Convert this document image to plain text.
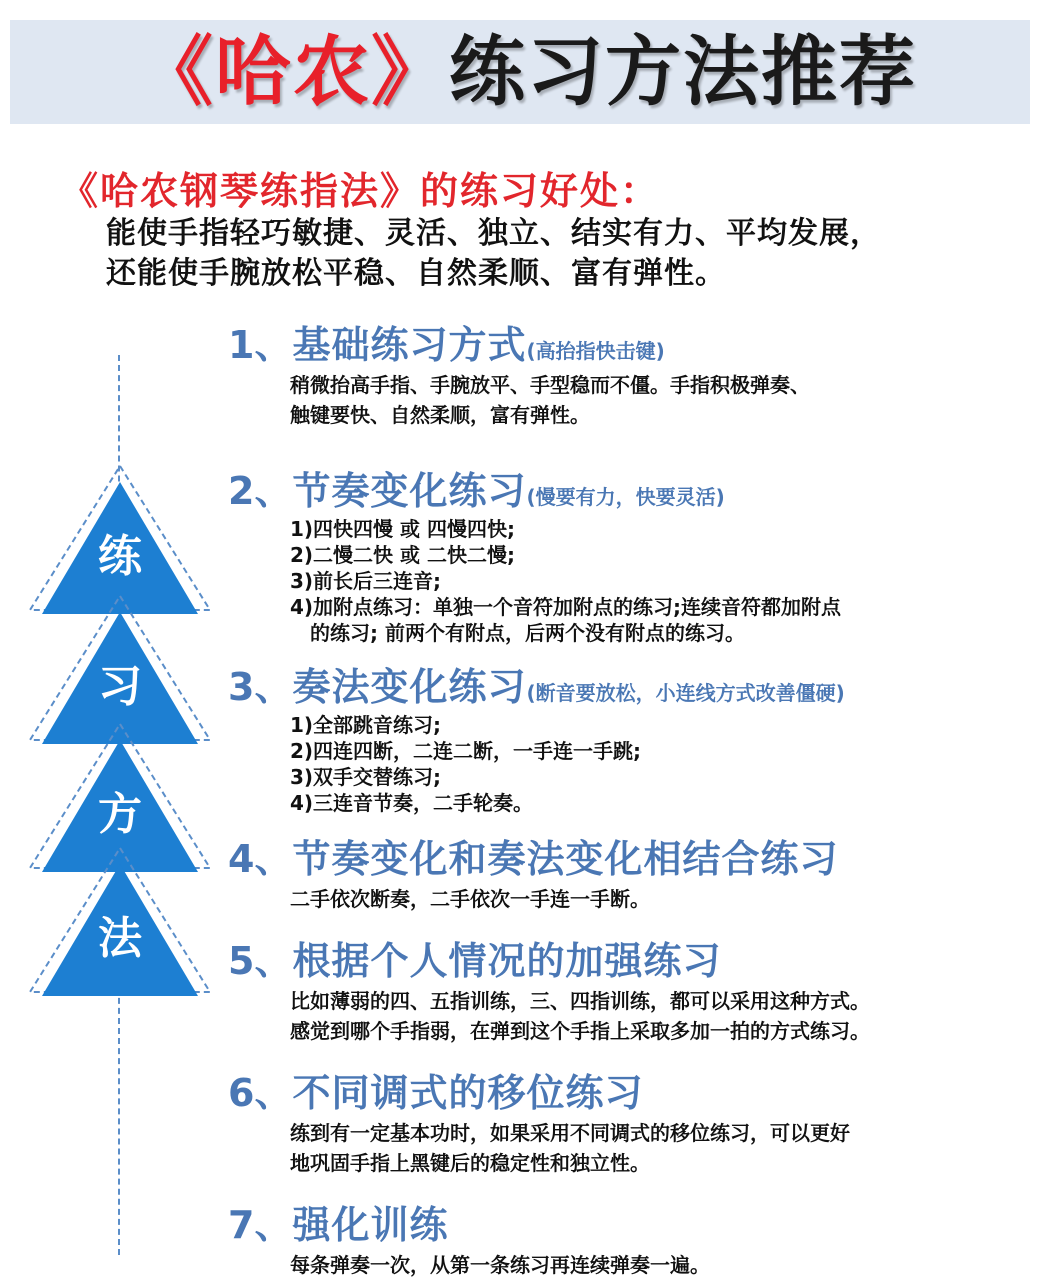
《哈农》练习方法推荐
《哈农钢琴练指法》的练习好处：
能使手指轻巧敏捷、灵活、独立、结实有力、平均发展，
还能使手腕放松平稳、自然柔顺、富有弹性。
练
习
方
法
1、基础练习方式(高抬指快击键)
稍微抬高手指、手腕放平、手型稳而不僵。手指积极弹奏、
触键要快、自然柔顺，富有弹性。
2、节奏变化练习(慢要有力，快要灵活)
1)四快四慢 或 四慢四快;
2)二慢二快 或 二快二慢;
3)前长后三连音;
4)加附点练习：单独一个音符加附点的练习;连续音符都加附点
的练习; 前两个有附点，后两个没有附点的练习。
3、奏法变化练习(断音要放松，小连线方式改善僵硬)
1)全部跳音练习;
2)四连四断，二连二断，一手连一手跳;
3)双手交替练习;
4)三连音节奏，二手轮奏。
4、节奏变化和奏法变化相结合练习
二手依次断奏，二手依次一手连一手断。
5、根据个人情况的加强练习
比如薄弱的四、五指训练，三、四指训练，都可以采用这种方式。
感觉到哪个手指弱，在弹到这个手指上采取多加一拍的方式练习。
6、不同调式的移位练习
练到有一定基本功时，如果采用不同调式的移位练习，可以更好
地巩固手指上黑键后的稳定性和独立性。
7、强化训练
每条弹奏一次，从第一条练习再连续弹奏一遍。
